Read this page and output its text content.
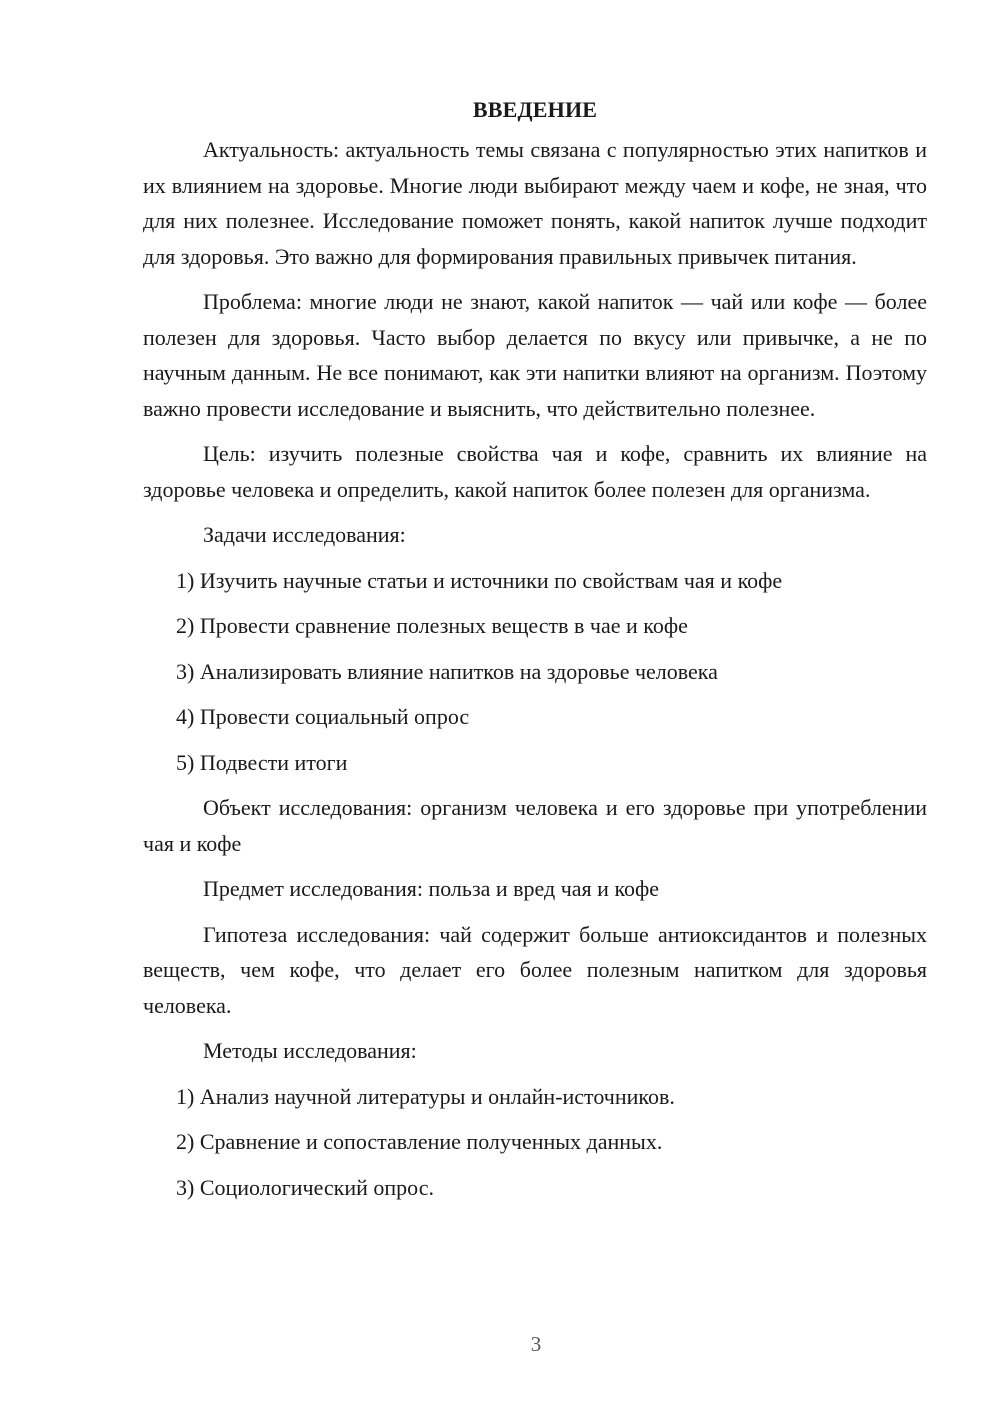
ВВЕДЕНИЕ

Актуальность: актуальность темы связана с популярностью этих напитков и их влиянием на здоровье. Многие люди выбирают между чаем и кофе, не зная, что для них полезнее. Исследование поможет понять, какой напиток лучше подходит для здоровья. Это важно для формирования правильных привычек питания.

Проблема: многие люди не знают, какой напиток — чай или кофе — более полезен для здоровья. Часто выбор делается по вкусу или привычке, а не по научным данным. Не все понимают, как эти напитки влияют на организм. Поэтому важно провести исследование и выяснить, что действительно полезнее.

Цель: изучить полезные свойства чая и кофе, сравнить их влияние на здоровье человека и определить, какой напиток более полезен для организма.

Задачи исследования:

1) Изучить научные статьи и источники по свойствам чая и кофе
2) Провести сравнение полезных веществ в чае и кофе
3) Анализировать влияние напитков на здоровье человека
4) Провести социальный опрос
5) Подвести итоги

Объект исследования: организм человека и его здоровье при употреблении чая и кофе

Предмет исследования: польза и вред чая и кофе

Гипотеза исследования: чай содержит больше антиоксидантов и полезных веществ, чем кофе, что делает его более полезным напитком для здоровья человека.

Методы исследования:

1) Анализ научной литературы и онлайн-источников.
2) Сравнение и сопоставление полученных данных.
3) Социологический опрос.
3
